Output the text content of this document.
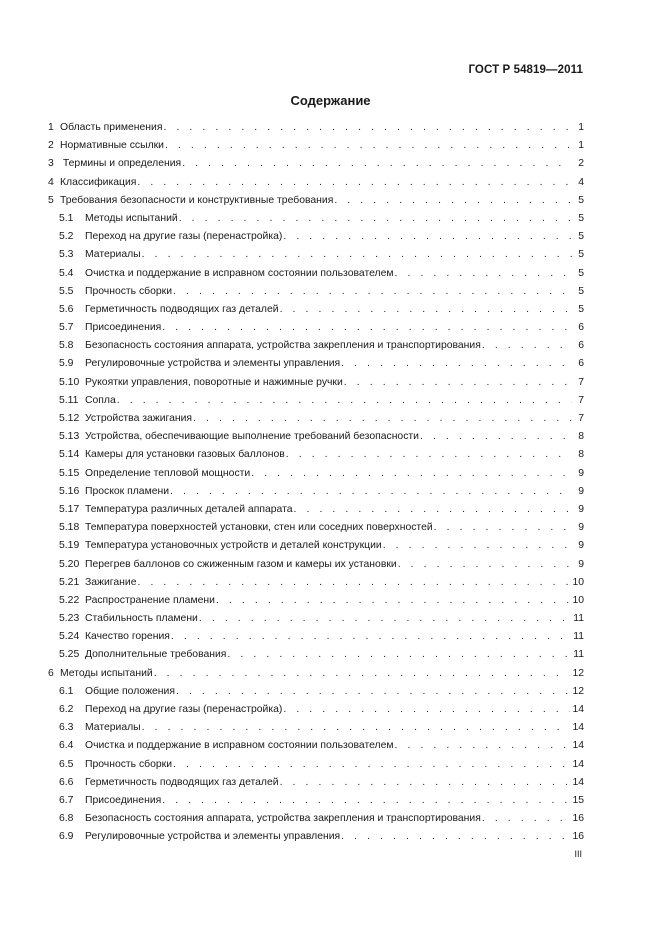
ГОСТ Р 54819—2011
Содержание
1 Область применения . . .	1
2 Нормативные ссылки . . .	1
3 Термины и определения . . .	2
4 Классификация . . .	4
5 Требования безопасности и конструктивные требования . . .	5
5.1	Методы испытаний . . .	5
5.2	Переход на другие газы (перенастройка) . . .	5
5.3	Материалы . . .	5
5.4	Очистка и поддержание в исправном состоянии пользователем . . .	5
5.5	Прочность сборки . . .	5
5.6	Герметичность подводящих газ деталей . . .	5
5.7	Присоединения . . .	6
5.8	Безопасность состояния аппарата, устройства закрепления и транспортирования . . .	6
5.9	Регулировочные устройства и элементы управления . . .	6
5.10 Рукоятки управления, поворотные и нажимные ручки . . .	7
5.11 Сопла . . .	7
5.12 Устройства зажигания . . .	7
5.13 Устройства, обеспечивающие выполнение требований безопасности . . .	8
5.14 Камеры для установки газовых баллонов . . .	8
5.15 Определение тепловой мощности . . .	9
5.16 Проскок пламени . . .	9
5.17 Температура различных деталей аппарата . . .	9
5.18 Температура поверхностей установки, стен или соседних поверхностей . . .	9
5.19 Температура установочных устройств и деталей конструкции . . .	9
5.20 Перегрев баллонов со сжиженным газом и камеры их установки . . .	9
5.21 Зажигание . . .	10
5.22 Распространение пламени . . .	10
5.23 Стабильность пламени . . .	11
5.24 Качество горения . . .	11
5.25 Дополнительные требования . . .	11
6 Методы испытаний . . .	12
6.1	Общие положения . . .	12
6.2	Переход на другие газы (перенастройка) . . .	14
6.3	Материалы . . .	14
6.4	Очистка и поддержание в исправном состоянии пользователем . . .	14
6.5	Прочность сборки . . .	14
6.6	Герметичность подводящих газ деталей . . .	14
6.7	Присоединения . . .	15
6.8	Безопасность состояния аппарата, устройства закрепления и транспортирования . . .	16
6.9	Регулировочные устройства и элементы управления . . .	16
III
